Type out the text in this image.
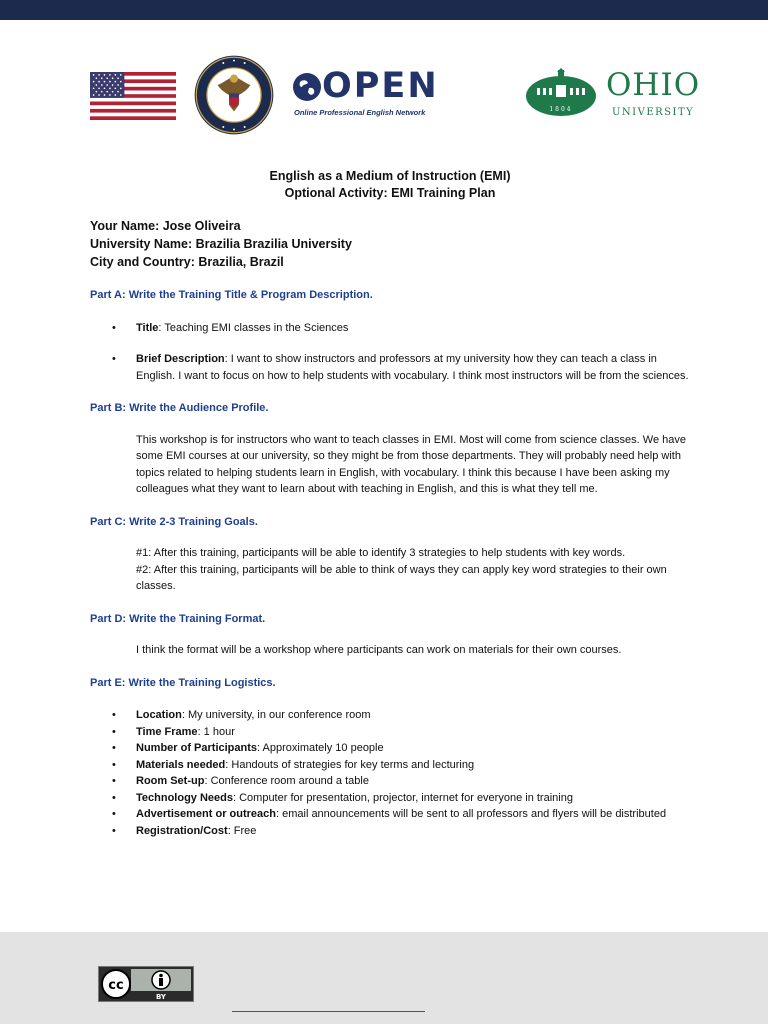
OPEN
Online Professional English Network	1804
OHIO
UNIVERSITY

English as a Medium of Instruction (EMI)

Optional Activity: EMI Training Plan

Your Name: Jose Oliveira
University Name: Brazilia Brazilia University
City and Country: Brazilia, Brazil

Part A: Write the Training Title & Program Description.

• Title: Teaching EMI classes in the Sciences
• Brief Description: I want to show instructors and professors at my university how they can teach a class in English. I want to focus on how to help students with vocabulary. I think most instructors will be from the sciences.

Part B: Write the Audience Profile.

This workshop is for instructors who want to teach classes in EMI. Most will come from science classes. We have some EMI courses at our university, so they might be from those departments. They will probably need help with topics related to helping students learn in English, with vocabulary. I think this because I have been asking my colleagues what they want to learn about with teaching in English, and this is what they tell me.

Part C: Write 2-3 Training Goals.

#1: After this training, participants will be able to identify 3 strategies to help students with key words.
#2: After this training, participants will be able to think of ways they can apply key word strategies to their own classes.

Part D: Write the Training Format.

I think the format will be a workshop where participants can work on materials for their own courses.

Part E: Write the Training Logistics.

• Location: My university, in our conference room
• Time Frame: 1 hour
• Number of Participants: Approximately 10 people
• Materials needed: Handouts of strategies for key terms and lecturing
• Room Set-up: Conference room around a table
• Technology Needs: Computer for presentation, projector, internet for everyone in training
• Advertisement or outreach: email announcements will be sent to all professors and flyers will be distributed
• Registration/Cost: Free
cc
BY
